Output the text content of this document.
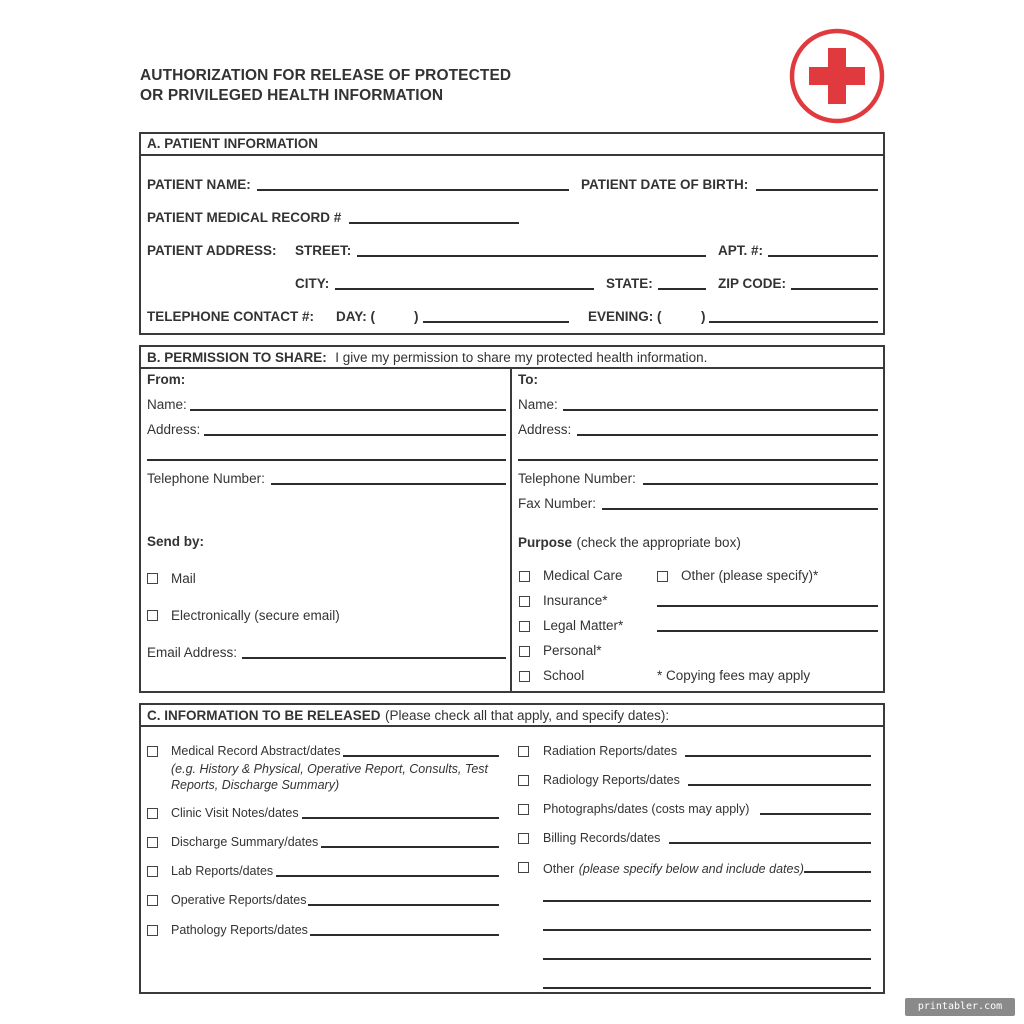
AUTHORIZATION FOR RELEASE OF PROTECTED
OR PRIVILEGED HEALTH INFORMATION
A. PATIENT INFORMATION
PATIENT NAME:	PATIENT DATE OF BIRTH:
PATIENT MEDICAL RECORD #
PATIENT ADDRESS: STREET:	APT. #:
CITY:	STATE:	ZIP CODE:
TELEPHONE CONTACT #: DAY: (	)	EVENING: (	)
B. PERMISSION TO SHARE: I give my permission to share my protected health information.
From:
Name:
Address:
Telephone Number:
Send by:
Mail
Electronically (secure email)
Email Address:
To:
Name:
Address:
Telephone Number:
Fax Number:
Purpose (check the appropriate box)
Medical Care
Insurance*
Legal Matter*
Personal*
School
Other (please specify)*
* Copying fees may apply
C. INFORMATION TO BE RELEASED (Please check all that apply, and specify dates):
Medical Record Abstract/dates
(e.g. History & Physical, Operative Report, Consults, Test Reports, Discharge Summary)
Clinic Visit Notes/dates
Discharge Summary/dates
Lab Reports/dates
Operative Reports/dates
Pathology Reports/dates
Radiation Reports/dates
Radiology Reports/dates
Photographs/dates (costs may apply)
Billing Records/dates
Other (please specify below and include dates)
printabler.com
